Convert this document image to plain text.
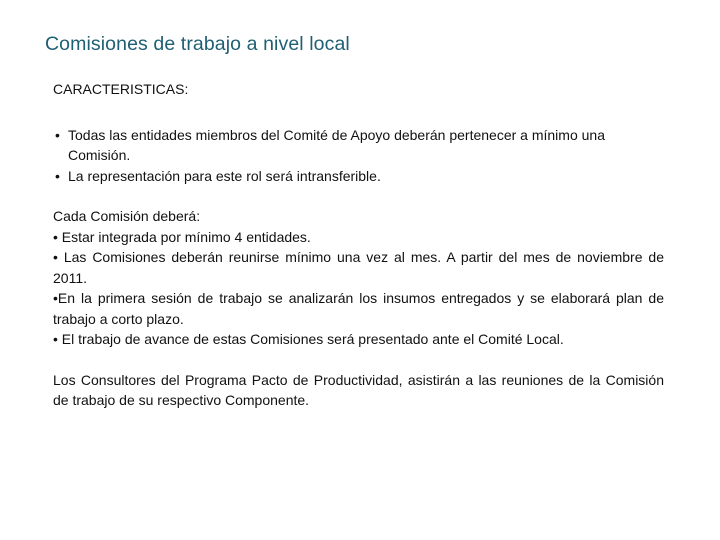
Comisiones de trabajo a nivel local

CARACTERISTICAS:

• Todas las entidades miembros del Comité de Apoyo deberán pertenecer a mínimo una Comisión.
• La representación para este rol será intransferible.

Cada Comisión deberá:

• Estar integrada por mínimo 4 entidades.

• Las Comisiones deberán reunirse mínimo una vez al mes. A partir del mes de noviembre de 2011.

•En la primera sesión de trabajo se analizarán los insumos entregados y se elaborará plan de trabajo a corto plazo.

• El trabajo de avance de estas Comisiones será presentado ante el Comité Local.

Los Consultores del Programa Pacto de Productividad, asistirán a las reuniones de la Comisión de trabajo de su respectivo Componente.
